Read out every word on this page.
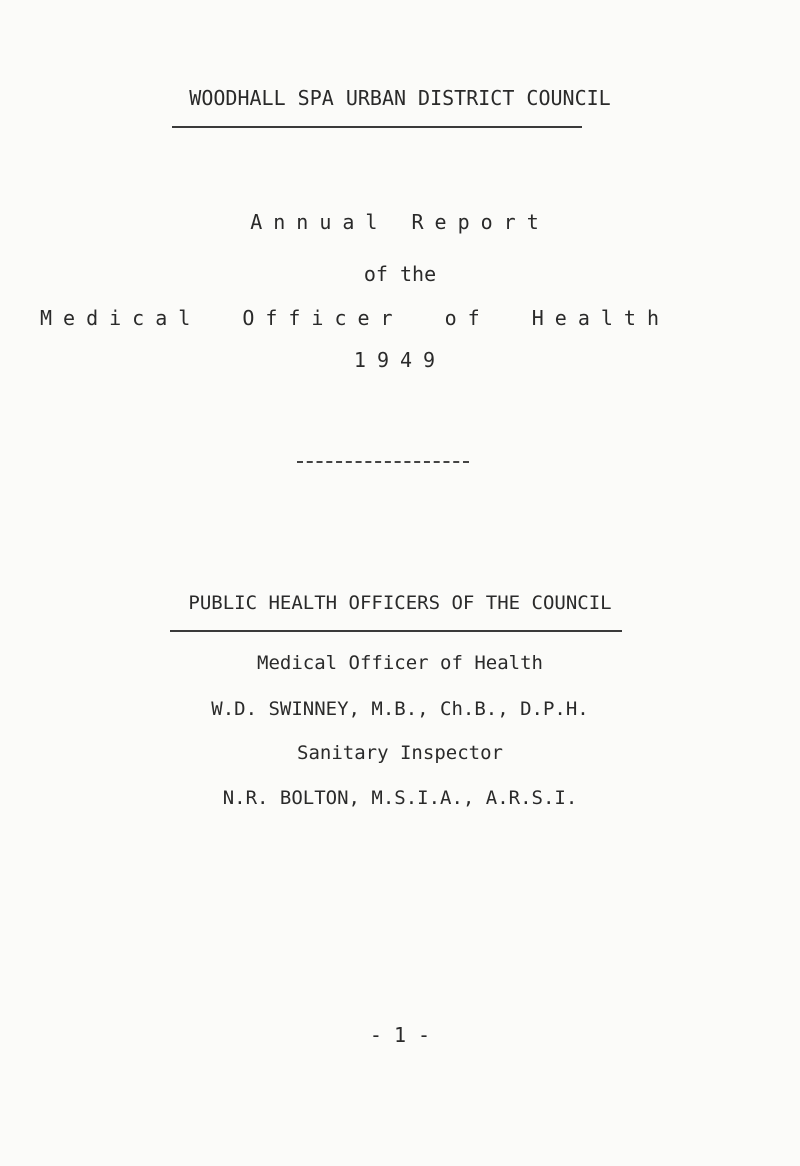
WOODHALL SPA URBAN DISTRICT COUNCIL
Annual Report
of the
Medical Officer of Health
1949
PUBLIC HEALTH OFFICERS OF THE COUNCIL
Medical Officer of Health
W.D. SWINNEY, M.B., Ch.B., D.P.H.
Sanitary Inspector
N.R. BOLTON, M.S.I.A., A.R.S.I.
- 1 -
